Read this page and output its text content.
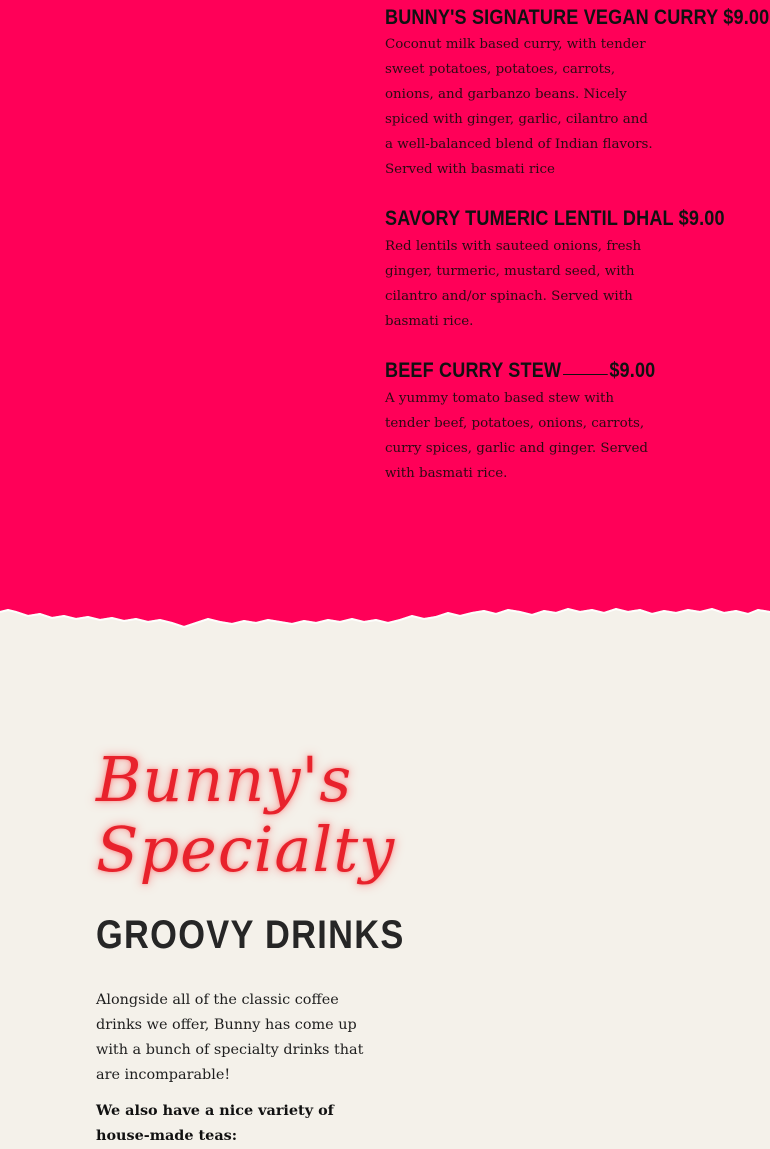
BUNNY'S SIGNATURE VEGAN CURRY $9.00
Coconut milk based curry, with tender sweet potatoes, potatoes, carrots, onions, and garbanzo beans. Nicely spiced with ginger, garlic, cilantro and a well-balanced blend of Indian flavors. Served with basmati rice
SAVORY TUMERIC LENTIL DHAL $9.00
Red lentils with sauteed onions, fresh ginger, turmeric, mustard seed, with cilantro and/or spinach. Served with basmati rice.
BEEF CURRY STEW $9.00
A yummy tomato based stew with tender beef, potatoes, onions, carrots, curry spices, garlic and ginger. Served with basmati rice.
Bunny's
Specialty
GROOVY DRINKS

Alongside all of the classic coffee drinks we offer, Bunny has come up with a bunch of specialty drinks that are incomparable!

We also have a nice variety of house-made teas:
